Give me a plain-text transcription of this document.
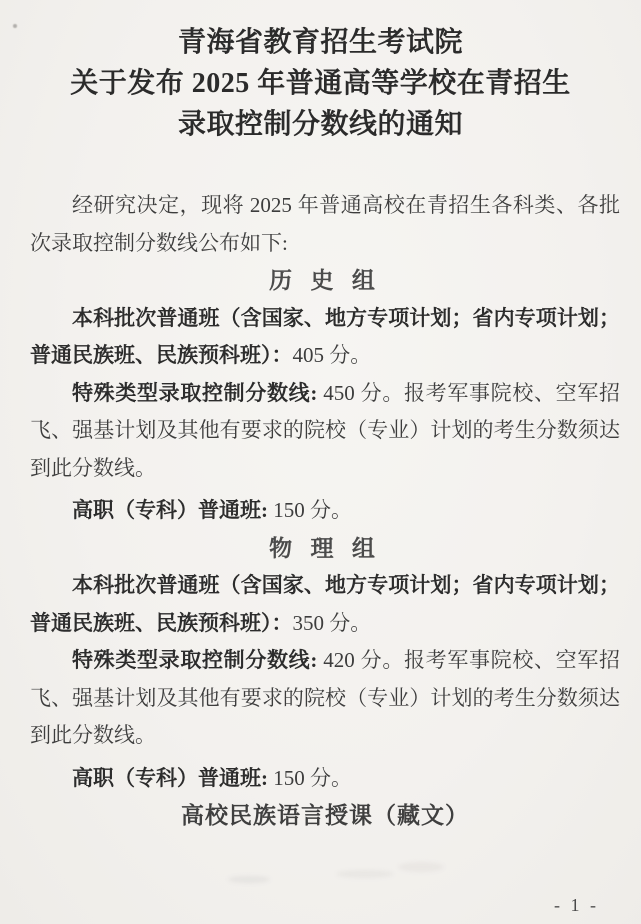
青海省教育招生考试院
关于发布 2025 年普通高等学校在青招生
录取控制分数线的通知
经研究决定，现将 2025 年普通高校在青招生各科类、各批
次录取控制分数线公布如下:
历 史 组
本科批次普通班（含国家、地方专项计划；省内专项计划；
普通民族班、民族预科班）：405 分。
特殊类型录取控制分数线: 450 分。报考军事院校、空军招
飞、强基计划及其他有要求的院校（专业）计划的考生分数须达
到此分数线。
高职（专科）普通班: 150 分。
物 理 组
本科批次普通班（含国家、地方专项计划；省内专项计划；
普通民族班、民族预科班）：350 分。
特殊类型录取控制分数线: 420 分。报考军事院校、空军招
飞、强基计划及其他有要求的院校（专业）计划的考生分数须达
到此分数线。
高职（专科）普通班: 150 分。
高校民族语言授课（藏文）
- 1 -
